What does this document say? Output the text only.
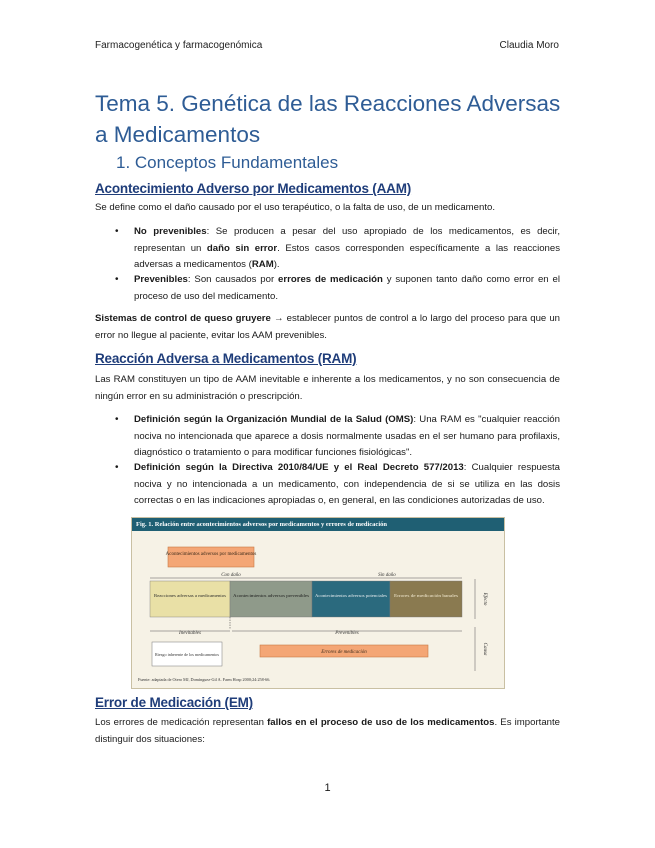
Farmacogenética y farmacogenómica	Claudia Moro
Tema 5. Genética de las Reacciones Adversas a Medicamentos
1. Conceptos Fundamentales
Acontecimiento Adverso por Medicamentos (AAM)

Se define como el daño causado por el uso terapéutico, o la falta de uso, de un medicamento.

• No prevenibles: Se producen a pesar del uso apropiado de los medicamentos, es decir, representan un daño sin error. Estos casos corresponden específicamente a las reacciones adversas a medicamentos (RAM).

• Prevenibles: Son causados por errores de medicación y suponen tanto daño como error en el proceso de uso del medicamento.

Sistemas de control de queso gruyere → establecer puntos de control a lo largo del proceso para que un error no llegue al paciente, evitar los AAM prevenibles.

Reacción Adversa a Medicamentos (RAM)

Las RAM constituyen un tipo de AAM inevitable e inherente a los medicamentos, y no son consecuencia de ningún error en su administración o prescripción.

• Definición según la Organización Mundial de la Salud (OMS): Una RAM es "cualquier reacción nociva no intencionada que aparece a dosis normalmente usadas en el ser humano para profilaxis, diagnóstico o tratamiento o para modificar funciones fisiológicas".

• Definición según la Directiva 2010/84/UE y el Real Decreto 577/2013: Cualquier respuesta nociva y no intencionada a un medicamento, con independencia de si se utiliza en las dosis correctas o en las indicaciones apropiadas o, en general, en las condiciones autorizadas de uso.

Fig. 1. Relación entre acontecimientos adversos por medicamentos y errores de medicación
Acontecimientos adversos por medicamentos
Con daño	Sin daño
Reacciones adversas a medicamentos Acontecimientos adversos prevenibles Acontecimientos adversos potenciales Errores de medicación banales	Efecto
Causa
Inevitables	Prevenibles
Riesgo inherente de los medicamentos	Errores de medicación
Fuente: adaptada de Otero MJ, Domínguez-Gil A. Farm Hosp 2000;24:258-66.
Error de Medicación (EM)

Los errores de medicación representan fallos en el proceso de uso de los medicamentos. Es importante distinguir dos situaciones:

1
